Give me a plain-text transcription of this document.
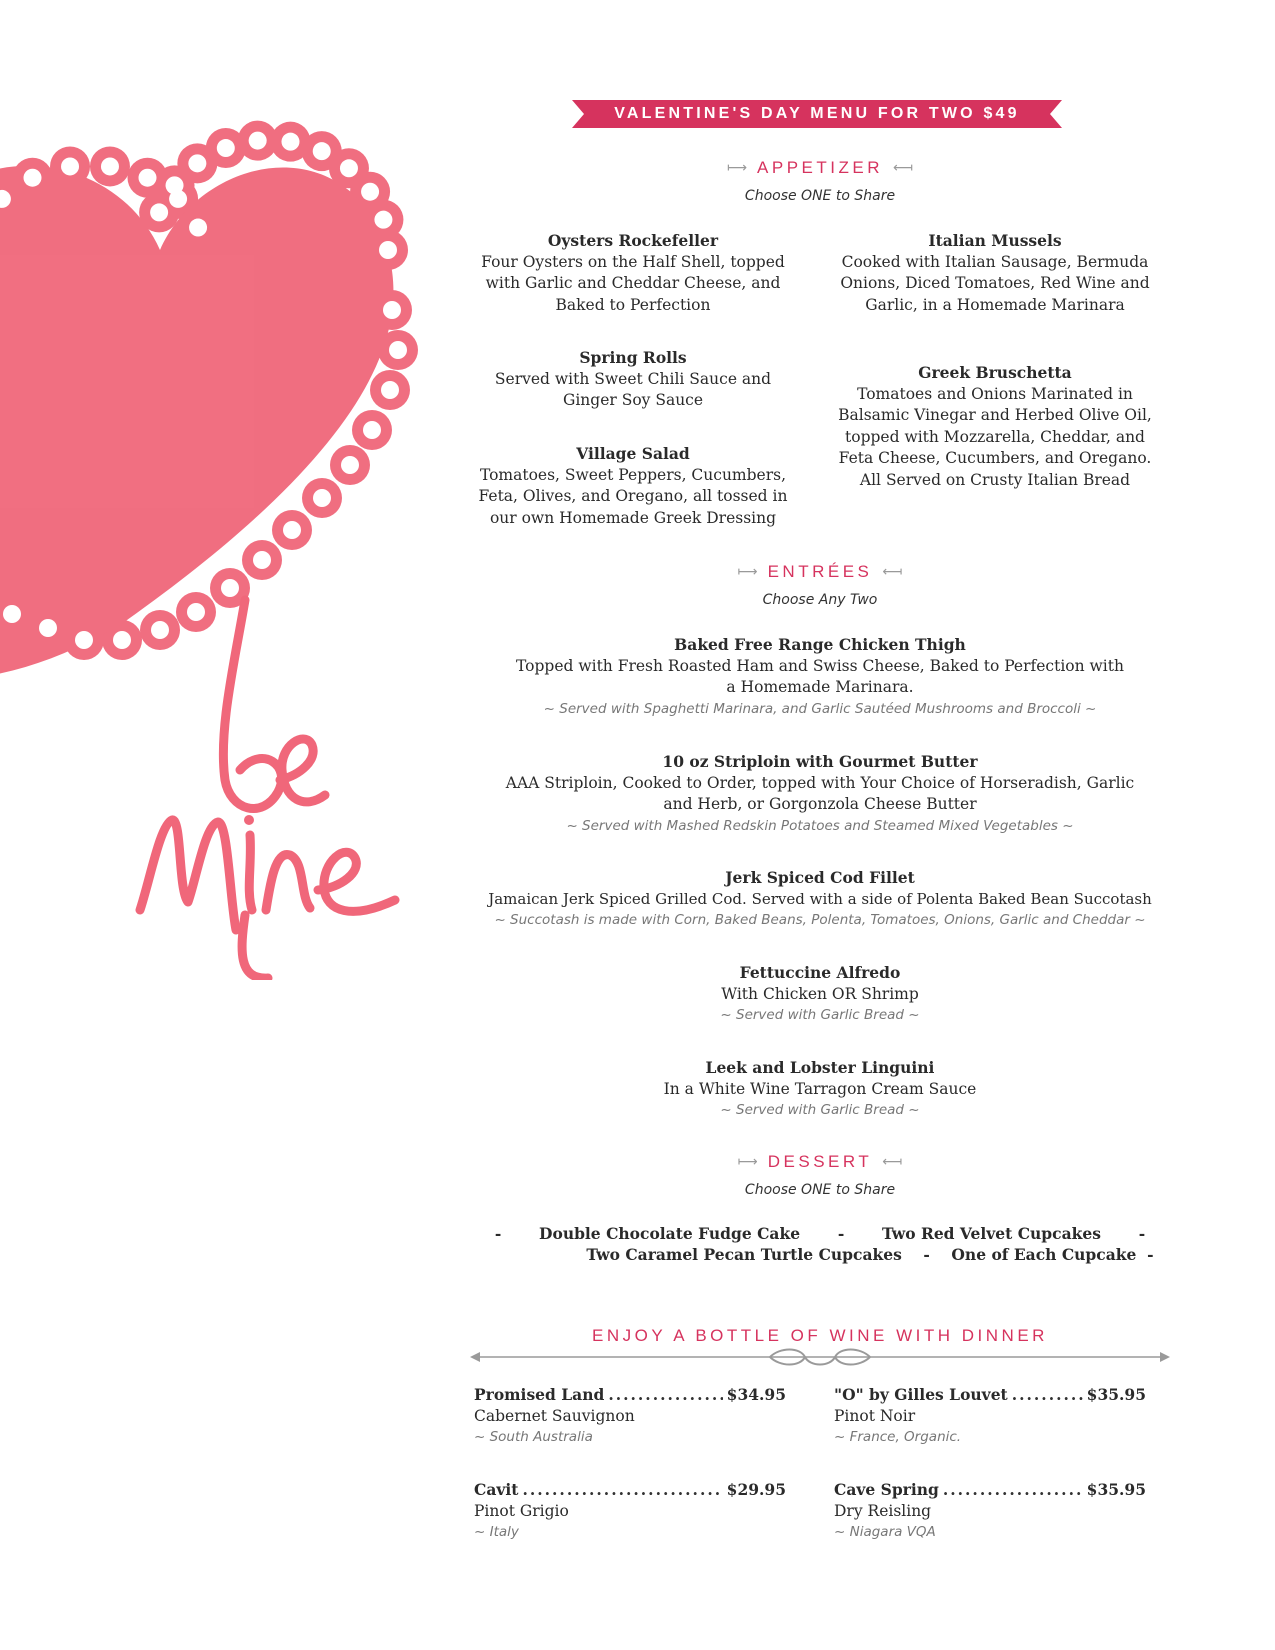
VALENTINE'S DAY MENU FOR TWO $49
⟼ APPETIZER ⟻
Choose ONE to Share
Oysters Rockefeller
Four Oysters on the Half Shell, topped with Garlic and Cheddar Cheese, and Baked to Perfection
Italian Mussels
Cooked with Italian Sausage, Bermuda Onions, Diced Tomatoes, Red Wine and Garlic, in a Homemade Marinara
Spring Rolls
Served with Sweet Chili Sauce and Ginger Soy Sauce
Greek Bruschetta
Tomatoes and Onions Marinated in Balsamic Vinegar and Herbed Olive Oil, topped with Mozzarella, Cheddar, and Feta Cheese, Cucumbers, and Oregano. All Served on Crusty Italian Bread
Village Salad
Tomatoes, Sweet Peppers, Cucumbers, Feta, Olives, and Oregano, all tossed in our own Homemade Greek Dressing
⟼ ENTRÉES ⟻
Choose Any Two
Baked Free Range Chicken Thigh
Topped with Fresh Roasted Ham and Swiss Cheese, Baked to Perfection with a Homemade Marinara.
~ Served with Spaghetti Marinara, and Garlic Sautéed Mushrooms and Broccoli ~
10 oz Striploin with Gourmet Butter
AAA Striploin, Cooked to Order, topped with Your Choice of Horseradish, Garlic and Herb, or Gorgonzola Cheese Butter
~ Served with Mashed Redskin Potatoes and Steamed Mixed Vegetables ~
Jerk Spiced Cod Fillet
Jamaican Jerk Spiced Grilled Cod. Served with a side of Polenta Baked Bean Succotash
~ Succotash is made with Corn, Baked Beans, Polenta, Tomatoes, Onions, Garlic and Cheddar ~
Fettuccine Alfredo
With Chicken OR Shrimp
~ Served with Garlic Bread ~
Leek and Lobster Linguini
In a White Wine Tarragon Cream Sauce
~ Served with Garlic Bread ~
⟼ DESSERT ⟻
Choose ONE to Share
-       Double Chocolate Fudge Cake       -       Two Red Velvet Cupcakes       -
Two Caramel Pecan Turtle Cupcakes    -    One of Each Cupcake  -
ENJOY A BOTTLE OF WINE WITH DINNER
Promised Land .....	$34.95
Cabernet Sauvignon
~ South Australia
"O" by Gilles Louvet .....	$35.95
Pinot Noir
~ France, Organic.
Cavit .....	$29.95
Pinot Grigio
~ Italy
Cave Spring .....	$35.95
Dry Reisling
~ Niagara VQA
